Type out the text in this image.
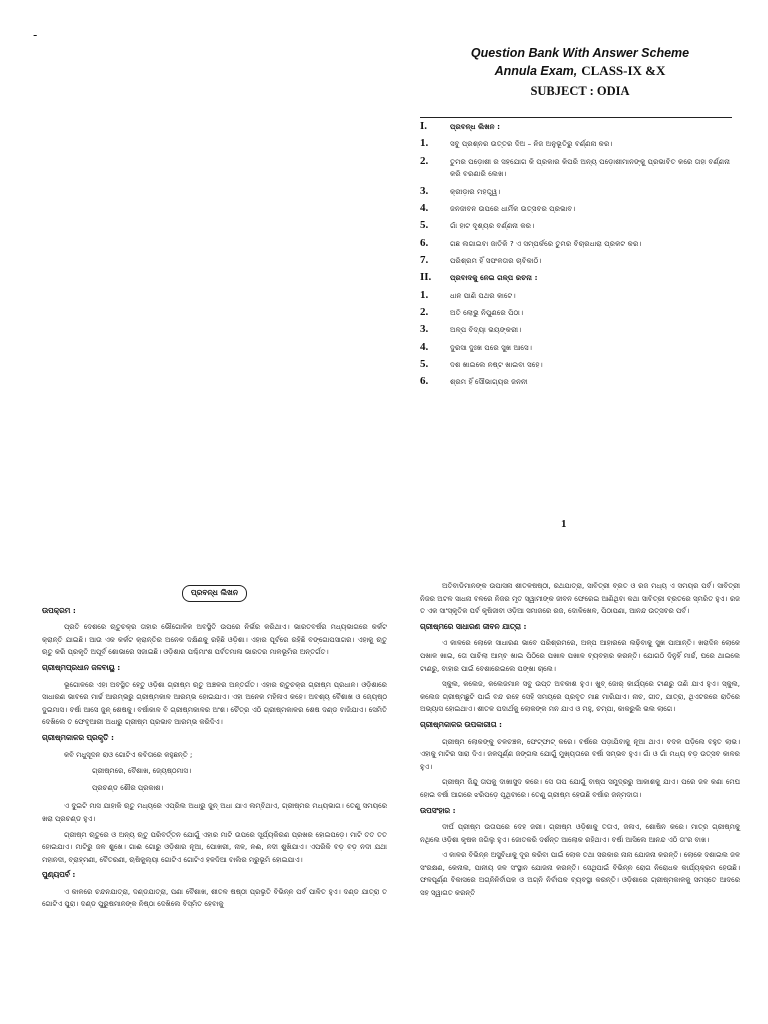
-
Question Bank With Answer Scheme
Annula Exam, CLASS-IX &X
SUBJECT : ODIA
I.	ପ୍ରବନ୍ଧ ଲିଖନ :
1.	ସବୁ ପ୍ରଶ୍ନର ଉତ୍ତର ଦିଅ – ନିଜ ଅନୁଭୂତିରୁ ବର୍ଣ୍ଣନା କର।
2.	ତୁମର ପଡ଼ୋଶୀ ର ସହଯୋଗ କି ପ୍ରକାର କିପରି ଅନ୍ୟ ପଡ଼ୋଶୀମାନଙ୍କୁ ପ୍ରଭାବିତ କରେ ତାହା ବର୍ଣ୍ଣନା କରି ବରଣାରି ଲେଖ।
3.	କ୍ରୀଡ଼ାର ମହତ୍ତ୍ୱ।
4.	ଜନଜୀବନ ଉପରେ ଧାର୍ମିକ ଉତ୍ସବର ପ୍ରଭାବ।
5.	ଗାଁ ହାଟ ଦୃଶ୍ୟର ବର୍ଣ୍ଣନା କର।
6.	ଗଛ ଲଗାଇବା ଜାତିକି ? ଏ ସମ୍ପର୍କରେ ତୁମର ବିଚାରଧାରା ପ୍ରକଟ କର।
7.	ପରିଶ୍ରମ ହିଁ ସଫଳତାର ଚାବିକାଠି।
II.	ପ୍ରବାଦକୁ ନେଇ ଗଳ୍ପ ରଚନା :
1.	ଧାନ ପାଣି ପଥର କାଟେ।
2.	ଅତି ଲୋଭୁ ନିପୁଣରେ ପିଠା।
3.	ଅଳ୍ପ ବିଦ୍ୟା ଭୟଙ୍କରୀ।
4.	ଦୁରସା ଦୁଃଖ ପରେ ସୁଖ ଆସେ।
5.	ଦଶ ଖାଇଲେ ନଷ୍ଟ ଖାଇବା ସହେ।
6.	ଶ୍ରମ ହିଁ ସୌଭାଗ୍ୟର ଜନନୀ
1
ପ୍ରବନ୍ଧ ଲିଖନ
ଉପକ୍ରମ :

ପ୍ରତି ଦେଶରେ ଋତୁଚକ୍ର ତାହାର ଭୌଗୋଳିକ ଅବସ୍ଥିତି ଉପରେ ନିର୍ଭର କରିଥାଏ। ଭାରତବର୍ଷର ମଧ୍ୟଭାଗରେ କର୍କଟ କ୍ରାନ୍ତି ଯାଇଛି। ଆଉ ଏକ କର୍କଟ କ୍ରାନ୍ତିର ଅନେକ ଦକ୍ଷିଣକୁ ରହିଛି ଓଡ଼ିଶା। ଏହାର ପୂର୍ବରେ ରହିଛି ବଙ୍ଗୋପସାଗର। ଏହାକୁ ଋତୁ ଋତୁ କରି ପ୍ରକୃତି ଅପୂର୍ବ ଶୋଭାରେ ସଜାଇଛି। ଓଡ଼ିଶାର ପଶ୍ଚିମାଂଶ ପର୍ବତମାଳା ଭାରତର ମାଳଭୂମିର ଅନ୍ତର୍ଗତ।

ଗ୍ରୀଷ୍ମପ୍ରଧାନ ଜଳବାୟୁ :

ଭୂଗୋଳରେ ଏହା ଅବସ୍ଥିତ ହେତୁ ଓଡ଼ିଶା ଗ୍ରୀଷ୍ମ ଋତୁ ଅଞ୍ଚଳର ଅନ୍ତର୍ଗତ। ଏହାର ଋତୁଚକ୍ର ଗ୍ରୀଷ୍ମ ପ୍ରଧାନ। ଓଡ଼ିଶାରେ ସାଧାରଣ ଭାବରେ ମାର୍ଚ୍ଚ ଆରମ୍ଭରୁ ଗ୍ରୀଷ୍ମକାଳ ଆରମ୍ଭ ହୋଇଯାଏ। ଏହା ଅନେକ ମହିଳାଏ କହେ। ଅବଶ୍ୟ ବୈଶାଖ ଓ ଜ୍ୟେଷ୍ଠ ଦୁଇମାସ। ବର୍ଷା ଆସେ ଜୁନ୍ ଶେଷକୁ। ବର୍ଷାକାଳ ବି ଗ୍ରୀଷ୍ମକାଳର ଅଂଶ। ଚୈତ୍ର ଏଠି ଗ୍ରୀଷ୍ମକାଳର ଶେଷ ଦଣ୍ଡ ବାଜିଯାଏ। ସେମିତି ଦେଖିଲେ ତ ଫେବୃଆରୀ ଅଧାରୁ ଗ୍ରୀଷ୍ମ ପ୍ରଭାବ ଆରମ୍ଭ କରିଦିଏ।

ଗ୍ରୀଷ୍ମକାଳର ପ୍ରକୃତି :

କବି ମଧୁସୂଦନ ରାଓ ଗୋଟିଏ କବିତାରେ କହୁଛନ୍ତି ;

ଗ୍ରୀଷ୍ମରେ, ବୈଶାଖ, ଜ୍ୟେଷ୍ଠମାସ।

ପ୍ରଚଣ୍ଡ ଶୌର ପ୍ରକାଶ।

ଏ ଦୁଇଟି ମାସ ଯାହାକି ଋତୁ ମଧ୍ୟରେ ଏପ୍ରିଲ ଅଧାରୁ ଜୁନ୍ ଅଧା ଯାଏ ଲମ୍ବିଥାଏ, ଗ୍ରୀଷ୍ମର ମଧ୍ୟଭାଗ। ତେଣୁ ସମୟରେ ଖରା ପ୍ରଚଣ୍ଡ ହୁଏ।

ଗ୍ରୀଷ୍ମ ଋତୁରେ ଓ ଅନ୍ୟ ଋତୁ ପରିବର୍ତ୍ତନ ଯୋଗୁଁ ଏହାର ମାଟି ଉପରେ ସୂର୍ଯ୍ୟକିରଣ ପ୍ରଖର ହୋଇପଡ଼େ। ମାଟି ତତ ତତ ହୋଇଯାଏ। ମାଟିରୁ ଜଳ ଶୁଖେ। ଗାଈ ଗୋରୁ ଓଡ଼ିଶାର ନୂଆ, ପୋଖରୀ, ନାଳ, ନଈ, ନଦୀ ଶୁଖିଯାଏ। ଏପରିକି ବଡ଼ ବଡ଼ ନଦୀ ଯଥା ମହାନଦୀ, ବ୍ରାହ୍ମଣୀ, ବୈତରଣୀ, ଋଷିକୁଲ୍ୟା ଗୋଟିଏ ଗୋଟିଏ ହଳଦିଆ ବାଲିର ମରୁଭୂମି ହୋଇଯାଏ।

ପୁଣ୍ୟପର୍ବ :

ଏ କାଳରେ ଚନ୍ଦନଯାତ୍ରା, ଦଣ୍ଡଯାତ୍ରା, ପଣା ବୈଶାଖ, ଶୀତଳ ଷଷ୍ଠୀ ପ୍ରଭୃତି ବିଭିନ୍ନ ପର୍ବ ପାଳିତ ହୁଏ। ଦଣ୍ଡ ଯାତ୍ରା ତ ଗୋଟିଏ ପୁରା। ଦଣ୍ଡ ପୁରୁଷମାନଙ୍କ ନିଷ୍ଠା ଦେଖିଲେ ବିସ୍ମିତ ହେବାକୁ

ଅତିବାଡିମାନଙ୍କ ଉପାସନା ଶୀତଳଷଷ୍ଠୀ, ରଥଯାତ୍ରା, ସାବିତ୍ରୀ ବ୍ରତ ଓ ରଜ ମଧ୍ୟ ଏ ସମୟର ପର୍ବ। ସାବିତ୍ରୀ ନିଜର ଅଟଳ ସାଧନା ବଳରେ ନିଜର ମୃତ ସ୍ୱାମୀଙ୍କ ଜୀବନ ଫେରେଇ ଆଣିଥିବା କଥା ସାବିତ୍ରୀ ବ୍ରତରେ ସ୍ମରିତ ହୁଏ। ରଜ ତ ଏକ ସାଂସ୍କୃତିକ ପର୍ବ କୃଷିଜୀବୀ ଓଡ଼ିଆ ସମାଜରେ ରଜ, ଦୋଳିଖେଳ, ପିଠାପଣା, ଆନନ୍ଦ ଉତ୍ସବର ପର୍ବ।

ଗ୍ରୀଷ୍ମରେ ସାଧାରଣ ଜୀବନ ଯାତ୍ରା :

ଏ କାଳରେ ଲୋକେ ସାଧାରଣ ଭାବେ ପରିଶ୍ରମରେ, ଅଳ୍ପ ଆହାରରେ ଲଢ଼ିବାକୁ ସୁଖ ପାଆନ୍ତି। ଖରାଦିନ ଲୋକେ ପଖାଳ ଖାଇ, ତୋ ପାଚିଲା ଆମ୍ବ ଖାଇ ପିଠିରେ ପଖାଳ ପଖାଳ ବ୍ୟବହାର କରନ୍ତି। ଯୋଗଠି ଦିନୁହିଁ ମାର୍ଚ୍ଚ, ଘରେ ଥାଇଲେ ଟାଣରୁ, ବାହାର ପାଇଁ ବେଶାରେଇଲେ ପଙ୍ଖା ଚାଲେ।

ସ୍କୁଲ, କଲେଜ, କଲେଜମାନ ସବୁ ଉପ୍ତ ଅବକାଶ ହୁଏ। ଖୁବ୍ ଜୋର୍ କାର୍ଯ୍ୟରେ ଟାଣରୁ ତାଣି ଯାଏ ହୁଏ। ସ୍କୁଲ, କଲେଜ ଗ୍ରୀଷ୍ମଛୁଟି ପାଇଁ ବନ୍ଦ ରହେ ସେହି ସମୟରେ ପ୍ରବୃତ ମାଛ ମାରିଯାଏ। ନାଚ, ଗୀତ, ଯାତ୍ରା, ଥିଏଟରରେ ରାତିରେ ଅଭ୍ୟାସ ହୋଇଥାଏ। ଶୀତଳ ପଦାର୍ଥକୁ ଲୋକଙ୍କ ମନ ଯାଏ ଓ ମହୁ, ଚମ୍ପା, କାକରୁଲି ଭଲ ଲାଗେ।

ଗ୍ରୀଷ୍ମକାଳର ଉପକାରୀତା :

ଗ୍ରୀଷ୍ମ ଲୋକଙ୍କୁ ଚଳଚଞ୍ଚଳ, ଫେଟ୍‌ଫାଟ୍ କରେ। ବର୍ଷରେ ପଡ଼ାଯିବାକୁ ନୂଆ ଥାଏ। ବଦଳ ପଡ଼ିଲେ ବହୁତ ଲାଭ। ଏହାକୁ ମାଟିର ସାରା ଦିଏ। ଜଳପୂର୍ଣ୍ଣ ଜଙ୍ଗଲ ଯୋଗୁଁ ମୁଖ୍ୟତାରେ ବର୍ଷା ସମ୍ଭବ ହୁଏ। ଗାଁ ଓ ଗାଁ ମଧ୍ୟ ବଡ଼ ଉତ୍ସବ କାଳର ହୁଏ।

ଗ୍ରୀଷ୍ମ ଜିନ୍ଦୁ ତାପକୁ ଦାଖାସୁଦ କରେ। ସେ ତାପ ଯୋଗୁଁ ବାଷ୍ପ ସମୁଦ୍ରରୁ ଆକାଶକୁ ଯାଏ। ପରେ ଜଳ କଣା ମେଘ ହୋଇ ବର୍ଷା ଆଗରେ ଝରିପଡ଼େ ପୃଥିବୀରେ। ତେଣୁ ଗ୍ରୀଷ୍ମ ହେଉଛି ବର୍ଷାର ଜନ୍ମଦାତା।

ଉପସଂହାର :

ଦୀର୍ଘ ପ୍ରୀଷ୍ମ ଉତାପରେ ଦେହ ଜରୀ। ଗ୍ରୀଷ୍ମ ଓଡ଼ିଶାକୁ ତତାଏ, ଜଳାଏ, ଶୋଷିନ କରେ। ମାତ୍ର ଗ୍ରୀଷ୍ମକୁ ନଥିଲେ ଓଡ଼ିଶା କୃଷକ ଜଗିଲୁ ହୁଏ। ଜୋତକରି ଦର୍ଶନ୍ତ ଆଲୋକ ରହିଥାଏ। ବର୍ଷା ଆସିଲେ ଆନନ୍ଦ ଏଠି ତା'ର ବାଖ।

ଏ କାଳର ବିଭିନ୍ନ ଅସୁବିଧାକୁ ଦୂର କରିବା ପାଇଁ ଲୋକ ତଥା ସରକାର ନାନା ଯୋଜନା କରନ୍ତି। ଲୋକେ ଦଶାଇଲ ଜଳ ସଂରକ୍ଷଣ, କେନାଲ, ପାନୀୟ ଜଳ ସଂସ୍ଥାନ ଯୋଜନା କରନ୍ତି। ସେଥିପାଇଁ ବିଭିନ୍ନ ରୋଗ ନିରୋଧକ କାର୍ଯ୍ୟକ୍ରମ ହେଉଛି। ଫଳପୂର୍ଣ୍ଣ ବିକାସରେ ଅଗ୍ନିନିର୍ବାପକ ଓ ଅଗ୍ନି ନିର୍ବାପକ ବ୍ୟବସ୍ଥା କରନ୍ତି। ଓଡ଼ିଶାରେ ଗ୍ରୀଷ୍ମକାଳକୁ ସମସ୍ତେ ଆଦରେ ସହ ସ୍ୱାଗତ କରନ୍ତି
